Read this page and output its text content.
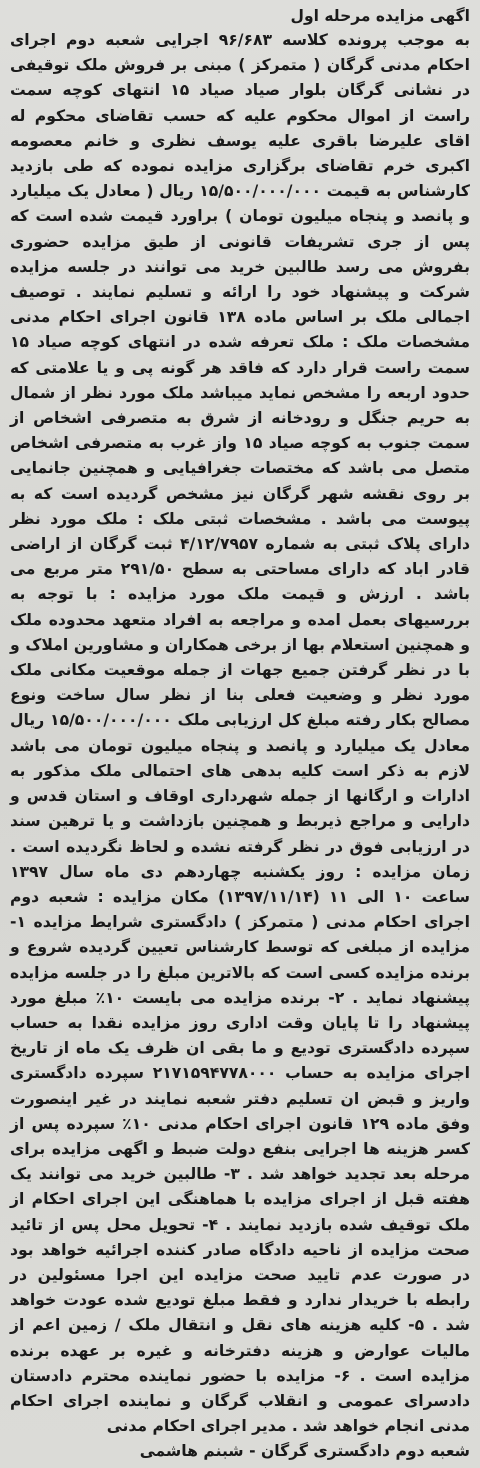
اگهی مزایده مرحله اول

به موجب پرونده کلاسه ۹۶/۶۸۳ اجرایی شعبه دوم اجرای احکام مدنی گرگان ( متمرکز ) مبنی بر فروش ملک توقیفی در نشانی گرگان بلوار صیاد صیاد ۱۵ انتهای کوچه سمت راست از اموال محکوم علیه که حسب تقاضای محکوم له اقای علیرضا باقری علیه یوسف نظری و خانم معصومه اکبری خرم تقاضای برگزاری مزایده نموده که طی بازدید کارشناس به قیمت ۱۵/۵۰۰/۰۰۰/۰۰۰ ریال ( معادل یک میلیارد و پانصد و پنجاه میلیون تومان ) براورد قیمت شده است که پس از جری تشریفات قانونی از طیق مزایده حضوری بفروش می رسد طالبین خرید می توانند در جلسه مزایده شرکت و پیشنهاد خود را ارائه و تسلیم نمایند . توصیف اجمالی ملک بر اساس ماده ۱۳۸ قانون اجرای احکام مدنی مشخصات ملک : ملک تعرفه شده در انتهای کوچه صیاد ۱۵ سمت راست قرار دارد که فاقد هر گونه پی و یا علامتی که حدود اربعه را مشخص نماید میباشد ملک مورد نظر از شمال به حریم جنگل و رودخانه از شرق به متصرفی اشخاص از سمت جنوب به کوچه صیاد ۱۵ واز غرب به متصرفی اشخاص متصل می باشد که مختصات جغرافیایی و همچنین جانمایی بر روی نقشه شهر گرگان نیز مشخص گردیده است که به پیوست می باشد . مشخصات ثبتی ملک : ملک مورد نظر دارای پلاک ثبتی به شماره ۴/۱۲/۷۹۵۷ ثبت گرگان از اراضی قادر اباد که دارای مساحتی به سطح ۲۹۱/۵۰ متر مربع می باشد . ارزش و قیمت ملک مورد مزایده : با توجه به بررسیهای بعمل امده و مراجعه به افراد متعهد محدوده ملک و همچنین استعلام بها از برخی همکاران و مشاورین املاک و با در نظر گرفتن جمیع جهات از جمله موقعیت مکانی ملک مورد نظر و وضعیت فعلی بنا از نظر سال ساخت ونوع مصالح بکار رفته مبلغ کل ارزیابی ملک ۱۵/۵۰۰/۰۰۰/۰۰۰ ریال معادل یک میلیارد و پانصد و پنجاه میلیون تومان می باشد لازم به ذکر است کلیه بدهی های احتمالی ملک مذکور به ادارات و ارگانها از جمله شهرداری اوقاف و استان قدس و دارایی و مراجع ذیربط و همچنین بازداشت و یا ترهین سند در ارزیابی فوق در نظر گرفته نشده و لحاظ نگردیده است . زمان مزایده : روز یکشنبه چهاردهم دی ماه سال ۱۳۹۷ ساعت ۱۰ الی ۱۱ (۱۳۹۷/۱۱/۱۴) مکان مزایده : شعبه دوم اجرای احکام مدنی ( متمرکز ) دادگستری شرایط مزایده ۱- مزایده از مبلغی که توسط کارشناس تعیین گردیده شروع و برنده مزایده کسی است که بالاترین مبلغ را در جلسه مزایده پیشنهاد نماید . ۲- برنده مزایده می بایست ۱۰٪ مبلغ مورد پیشنهاد را تا پایان وقت اداری روز مزایده نقدا به حساب سپرده دادگستری تودیع و ما بقی ان ظرف یک ماه از تاریخ اجرای مزایده به حساب ۲۱۷۱۵۹۴۷۷۸۰۰۰ سپرده دادگستری واریز و قبض ان تسلیم دفتر شعبه نمایند در غیر اینصورت وفق ماده ۱۲۹ قانون اجرای احکام مدنی ۱۰٪ سپرده پس از کسر هزینه ها اجرایی بنفع دولت ضبط و اگهی مزایده برای مرحله بعد تجدید خواهد شد . ۳- طالبین خرید می توانند یک هفته قبل از اجرای مزایده با هماهنگی این اجرای احکام از ملک توقیف شده بازدید نمایند . ۴- تحویل محل پس از تائید صحت مزایده از ناحیه دادگاه صادر کننده اجرائیه خواهد بود در صورت عدم تایید صحت مزایده این اجرا مسئولین در رابطه با خریدار ندارد و فقط مبلغ تودیع شده عودت خواهد شد . ۵- کلیه هزینه های نقل و انتقال ملک / زمین اعم از مالیات عوارض و هزینه دفترخانه و غیره بر عهده برنده مزایده است . ۶- مزایده با حضور نماینده محترم دادستان دادسرای عمومی و انقلاب گرگان و نماینده اجرای احکام مدنی انجام خواهد شد . مدیر اجرای احکام مدنی

شعبه دوم دادگستری گرگان - شبنم هاشمی
